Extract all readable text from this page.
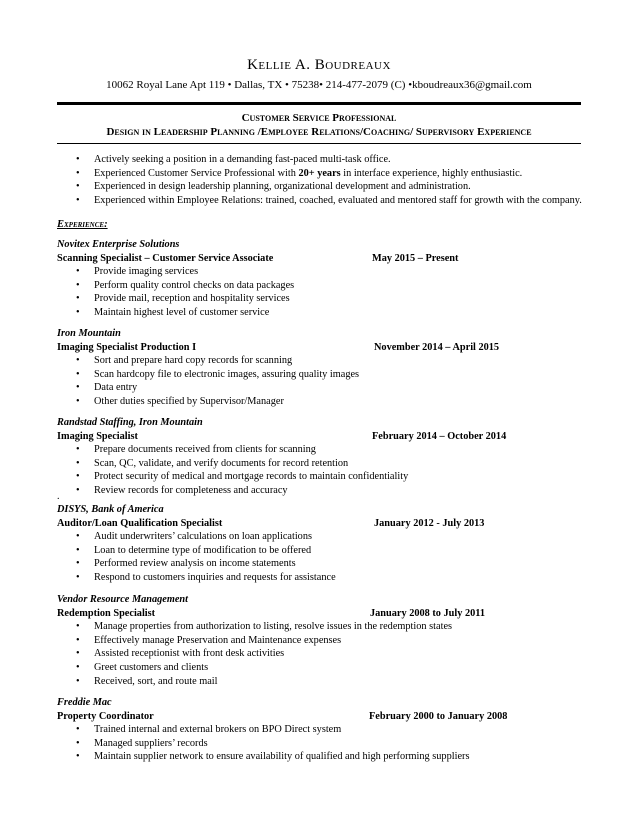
Kellie A. Boudreaux
10062 Royal Lane Apt 119 • Dallas, TX • 75238• 214-477-2079 (C) •kboudreaux36@gmail.com
Customer Service Professional
Design in Leadership Planning /Employee Relations/Coaching/ Supervisory Experience
• Actively seeking a position in a demanding fast-paced multi-task office.
• Experienced Customer Service Professional with 20+ years in interface experience, highly enthusiastic.
• Experienced in design leadership planning, organizational development and administration.
• Experienced within Employee Relations: trained, coached, evaluated and mentored staff for growth with the company.
Experience:
Novitex Enterprise Solutions
Scanning Specialist – Customer Service Associate	May 2015 – Present
• Provide imaging services
• Perform quality control checks on data packages
• Provide mail, reception and hospitality services
• Maintain highest level of customer service
Iron Mountain
Imaging Specialist Production I	November 2014 – April 2015
• Sort and prepare hard copy records for scanning
• Scan hardcopy file to electronic images, assuring quality images
• Data entry
• Other duties specified by Supervisor/Manager
Randstad Staffing, Iron Mountain
Imaging Specialist	February 2014 – October 2014
• Prepare documents received from clients for scanning
• Scan, QC, validate, and verify documents for record retention
• Protect security of medical and mortgage records to maintain confidentiality
• Review records for completeness and accuracy
.
DISYS, Bank of America
Auditor/Loan Qualification Specialist	January 2012 - July 2013
• Audit underwriters’ calculations on loan applications
• Loan to determine type of modification to be offered
• Performed review analysis on income statements
• Respond to customers inquiries and requests for assistance
Vendor Resource Management
Redemption Specialist	January 2008 to July 2011
• Manage properties from authorization to listing, resolve issues in the redemption states
• Effectively manage Preservation and Maintenance expenses
• Assisted receptionist with front desk activities
• Greet customers and clients
• Received, sort, and route mail
Freddie Mac
Property Coordinator	February 2000 to January 2008
• Trained internal and external brokers on BPO Direct system
• Managed suppliers’ records
• Maintain supplier network to ensure availability of qualified and high performing suppliers
